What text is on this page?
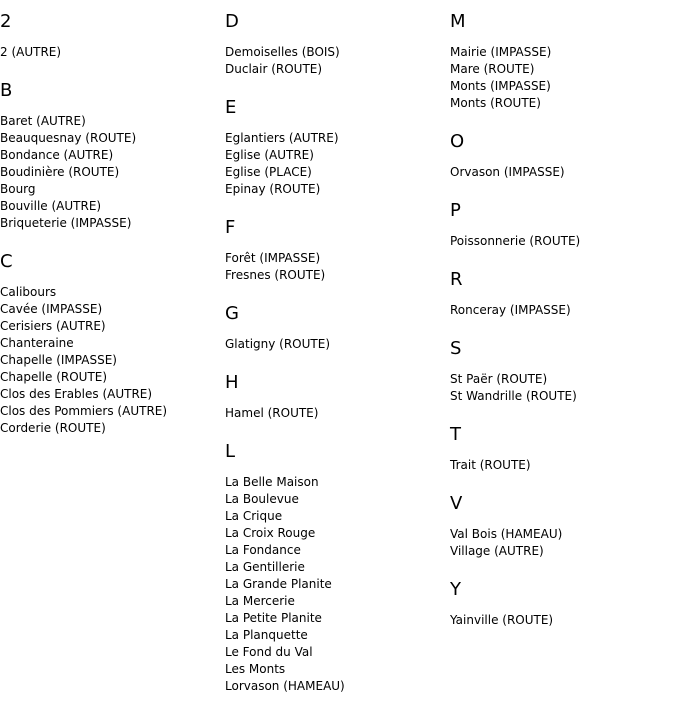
2
2 (AUTRE)
B
Baret (AUTRE)
Beauquesnay (ROUTE)
Bondance (AUTRE)
Boudinière (ROUTE)
Bourg
Bouville (AUTRE)
Briqueterie (IMPASSE)
C
Calibours
Cavée (IMPASSE)
Cerisiers (AUTRE)
Chanteraine
Chapelle (IMPASSE)
Chapelle (ROUTE)
Clos des Erables (AUTRE)
Clos des Pommiers (AUTRE)
Corderie (ROUTE)
D
Demoiselles (BOIS)
Duclair (ROUTE)
E
Eglantiers (AUTRE)
Eglise (AUTRE)
Eglise (PLACE)
Epinay (ROUTE)
F
Forêt (IMPASSE)
Fresnes (ROUTE)
G
Glatigny (ROUTE)
H
Hamel (ROUTE)
L
La Belle Maison
La Boulevue
La Crique
La Croix Rouge
La Fondance
La Gentillerie
La Grande Planite
La Mercerie
La Petite Planite
La Planquette
Le Fond du Val
Les Monts
Lorvason (HAMEAU)
M
Mairie (IMPASSE)
Mare (ROUTE)
Monts (IMPASSE)
Monts (ROUTE)
O
Orvason (IMPASSE)
P
Poissonnerie (ROUTE)
R
Ronceray (IMPASSE)
S
St Paër (ROUTE)
St Wandrille (ROUTE)
T
Trait (ROUTE)
V
Val Bois (HAMEAU)
Village (AUTRE)
Y
Yainville (ROUTE)
